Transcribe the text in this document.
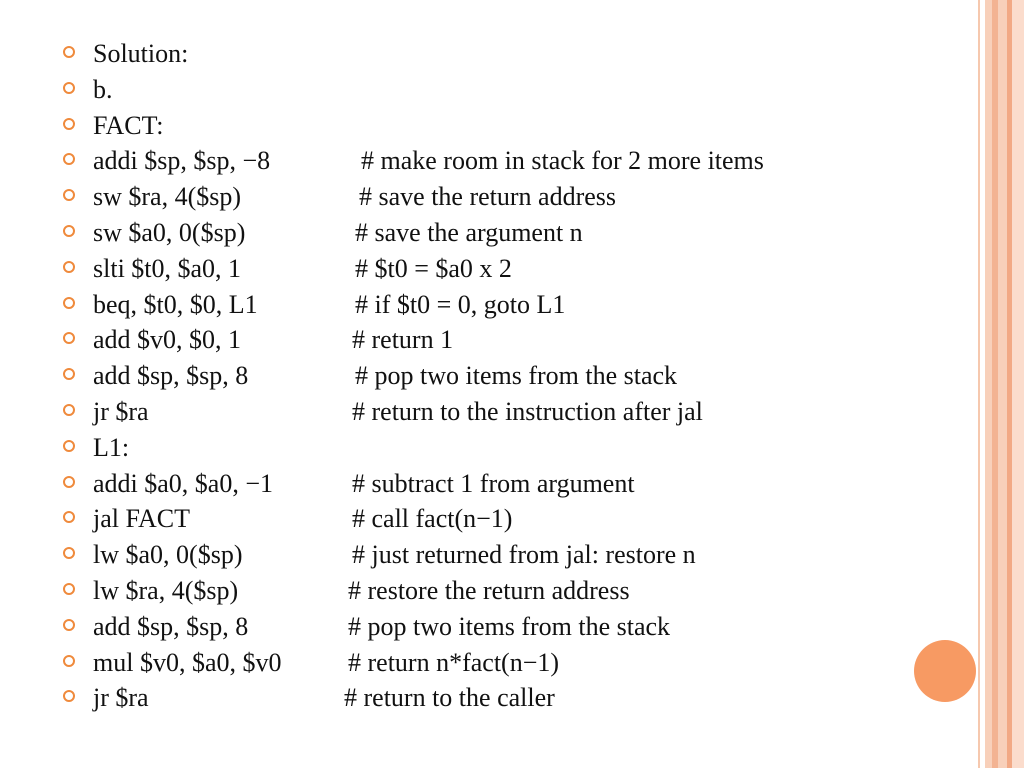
Solution:
b.
FACT:
addi $sp, $sp, −8	# make room in stack for 2 more items
sw $ra, 4($sp)	# save the return address
sw $a0, 0($sp)	# save the argument n
slti $t0, $a0, 1	# $t0 = $a0 x 2
beq, $t0, $0, L1	# if $t0 = 0, goto L1
add $v0, $0, 1	# return 1
add $sp, $sp, 8	# pop two items from the stack
jr $ra	# return to the instruction after jal
L1:
addi $a0, $a0, −1	# subtract 1 from argument
jal FACT	# call fact(n−1)
lw $a0, 0($sp)	# just returned from jal: restore n
lw $ra, 4($sp)	# restore the return address
add $sp, $sp, 8	# pop two items from the stack
mul $v0, $a0, $v0	# return n*fact(n−1)
jr $ra	# return to the caller
